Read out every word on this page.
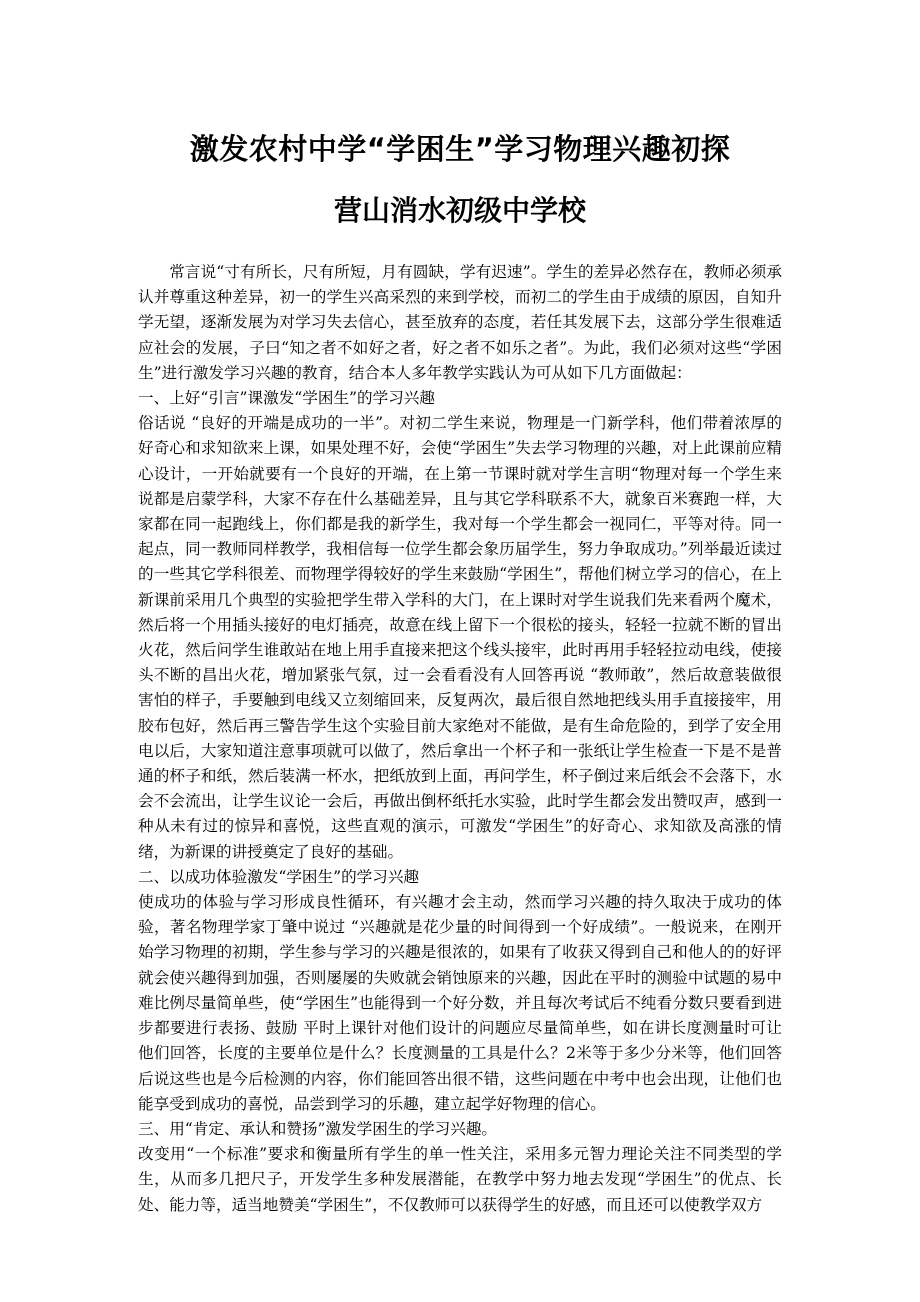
激发农村中学“学困生”学习物理兴趣初探
营山消水初级中学校

常言说“寸有所长，尺有所短，月有圆缺，学有迟速”。学生的差异必然存在，教师必须承认并尊重这种差异，初一的学生兴高采烈的来到学校，而初二的学生由于成绩的原因，自知升学无望，逐渐发展为对学习失去信心，甚至放弃的态度，若任其发展下去，这部分学生很难适应社会的发展，子曰“知之者不如好之者，好之者不如乐之者”。为此，我们必须对这些“学困生”进行激发学习兴趣的教育，结合本人多年教学实践认为可从如下几方面做起：

一、上好“引言”课激发“学困生”的学习兴趣

俗话说 “良好的开端是成功的一半”。对初二学生来说，物理是一门新学科，他们带着浓厚的好奇心和求知欲来上课，如果处理不好，会使“学困生”失去学习物理的兴趣，对上此课前应精心设计，一开始就要有一个良好的开端，在上第一节课时就对学生言明“物理对每一个学生来说都是启蒙学科，大家不存在什么基础差异，且与其它学科联系不大，就象百米赛跑一样，大家都在同一起跑线上，你们都是我的新学生，我对每一个学生都会一视同仁，平等对待。同一起点，同一教师同样教学，我相信每一位学生都会象历届学生，努力争取成功。”列举最近读过的一些其它学科很差、而物理学得较好的学生来鼓励“学困生”，帮他们树立学习的信心，在上新课前采用几个典型的实验把学生带入学科的大门，在上课时对学生说我们先来看两个魔术，然后将一个用插头接好的电灯插亮，故意在线上留下一个很松的接头，轻轻一拉就不断的冒出火花，然后问学生谁敢站在地上用手直接来把这个线头接牢，此时再用手轻轻拉动电线，使接头不断的昌出火花，增加紧张气氛，过一会看看没有人回答再说 “教师敢”，然后故意装做很害怕的样子，手要触到电线又立刻缩回来，反复两次，最后很自然地把线头用手直接接牢，用胶布包好，然后再三警告学生这个实验目前大家绝对不能做，是有生命危险的，到学了安全用电以后，大家知道注意事项就可以做了，然后拿出一个杯子和一张纸让学生检查一下是不是普通的杯子和纸，然后装满一杯水，把纸放到上面，再问学生，杯子倒过来后纸会不会落下，水会不会流出，让学生议论一会后，再做出倒杯纸托水实验，此时学生都会发出赞叹声，感到一种从未有过的惊异和喜悦，这些直观的演示，可激发“学困生”的好奇心、求知欲及高涨的情绪，为新课的讲授奠定了良好的基础。

二、以成功体验激发“学困生”的学习兴趣

使成功的体验与学习形成良性循环，有兴趣才会主动，然而学习兴趣的持久取决于成功的体验，著名物理学家丁肇中说过 “兴趣就是花少量的时间得到一个好成绩”。一般说来，在刚开始学习物理的初期，学生参与学习的兴趣是很浓的，如果有了收获又得到自己和他人的的好评就会使兴趣得到加强，否则屡屡的失败就会销蚀原来的兴趣，因此在平时的测验中试题的易中难比例尽量简单些，使“学困生”也能得到一个好分数，并且每次考试后不纯看分数只要看到进步都要进行表扬、鼓励 平时上课针对他们设计的问题应尽量简单些，如在讲长度测量时可让他们回答，长度的主要单位是什么？长度测量的工具是什么？2米等于多少分米等，他们回答后说这些也是今后检测的内容，你们能回答出很不错，这些问题在中考中也会出现，让他们也能享受到成功的喜悦，品尝到学习的乐趣，建立起学好物理的信心。

三、用“肯定、承认和赞扬”激发学困生的学习兴趣。

改变用“一个标准”要求和衡量所有学生的单一性关注，采用多元智力理论关注不同类型的学生，从而多几把尺子，开发学生多种发展潜能，在教学中努力地去发现“学困生”的优点、长处、能力等，适当地赞美“学困生”，不仅教师可以获得学生的好感，而且还可以使教学双方
